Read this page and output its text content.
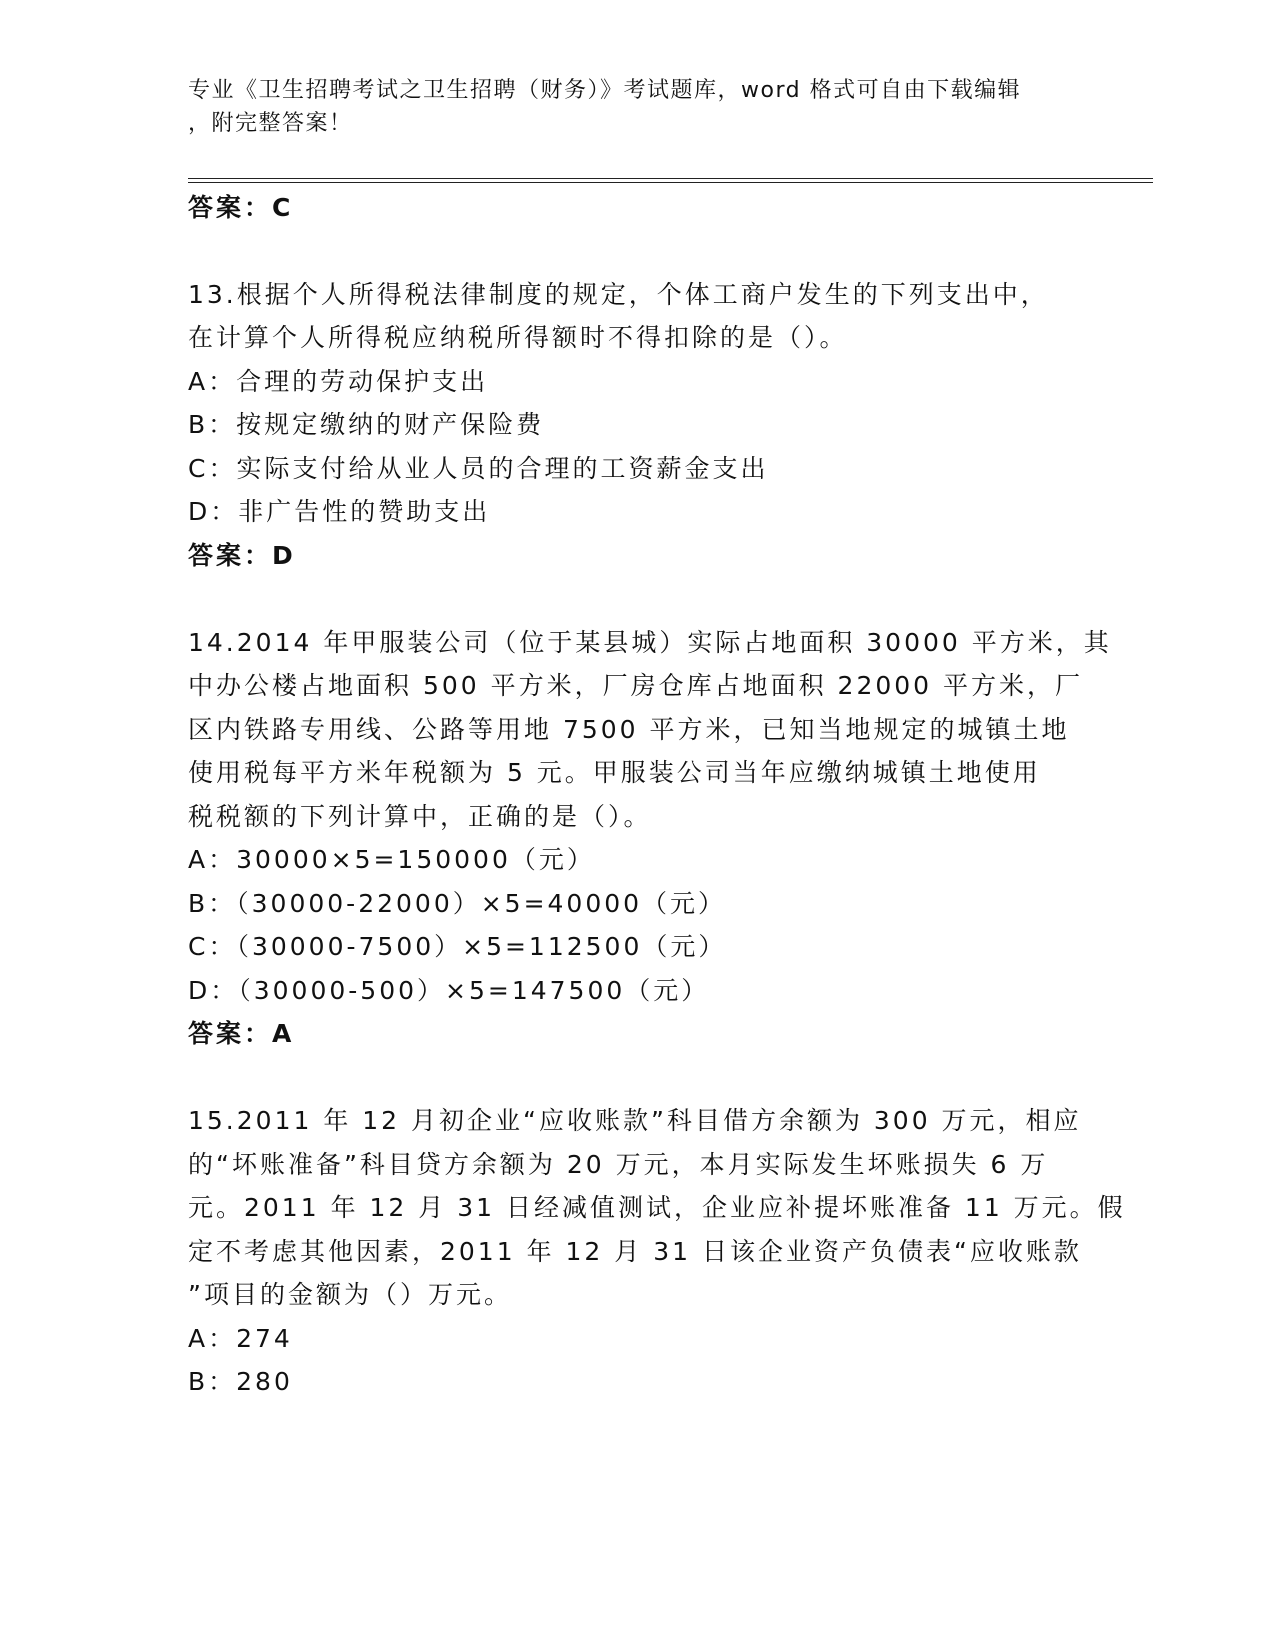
专业《卫生招聘考试之卫生招聘（财务）》考试题库，word 格式可自由下载编辑
，附完整答案！
答案：C
13.根据个人所得税法律制度的规定，个体工商户发生的下列支出中，
在计算个人所得税应纳税所得额时不得扣除的是（）。
A：合理的劳动保护支出
B：按规定缴纳的财产保险费
C：实际支付给从业人员的合理的工资薪金支出
D：非广告性的赞助支出
答案：D
14.2014 年甲服装公司（位于某县城）实际占地面积 30000 平方米，其
中办公楼占地面积 500 平方米，厂房仓库占地面积 22000 平方米，厂
区内铁路专用线、公路等用地 7500 平方米，已知当地规定的城镇土地
使用税每平方米年税额为 5 元。甲服装公司当年应缴纳城镇土地使用
税税额的下列计算中，正确的是（）。
A：30000×5=150000（元）
B：（30000-22000）×5=40000（元）
C：（30000-7500）×5=112500（元）
D：（30000-500）×5=147500（元）
答案：A
15.2011 年 12 月初企业“应收账款”科目借方余额为 300 万元，相应
的“坏账准备”科目贷方余额为 20 万元，本月实际发生坏账损失 6 万
元。2011 年 12 月 31 日经减值测试，企业应补提坏账准备 11 万元。假
定不考虑其他因素，2011 年 12 月 31 日该企业资产负债表“应收账款
”项目的金额为（）万元。
A：274
B：280
